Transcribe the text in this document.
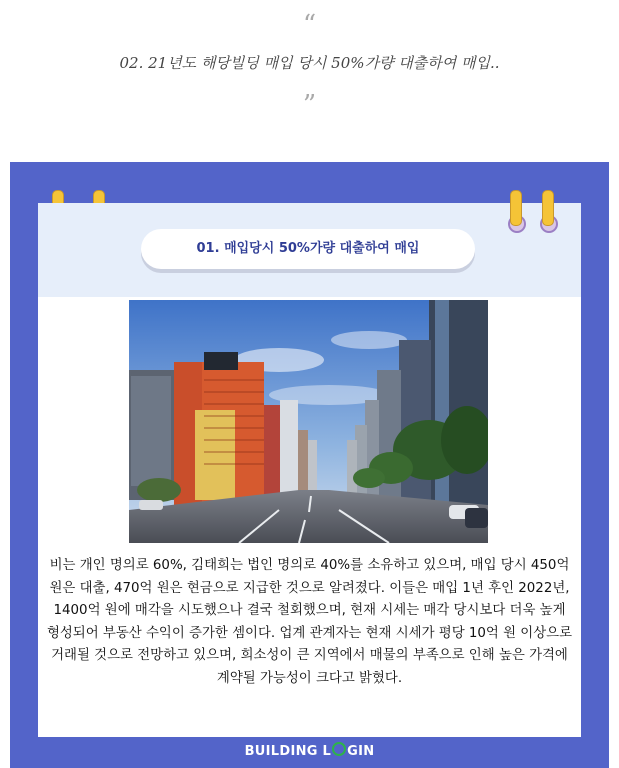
“
02. 21년도 해당빌딩 매입 당시 50%가량 대출하여 매입..
”
01. 매입당시 50%가량 대출하여 매입
비는 개인 명의로 60%, 김태희는 법인 명의로 40%를 소유하고 있으며, 매입 당시 450억 원은 대출, 470억 원은 현금으로 지급한 것으로 알려졌다. 이들은 매입 1년 후인 2022년, 1400억 원에 매각을 시도했으나 결국 철회했으며, 현재 시세는 매각 당시보다 더욱 높게 형성되어 부동산 수익이 증가한 셈이다. 업계 관계자는 현재 시세가 평당 10억 원 이상으로 거래될 것으로 전망하고 있으며, 희소성이 큰 지역에서 매물의 부족으로 인해 높은 가격에 계약될 가능성이 크다고 밝혔다.
BUILDING L GIN
